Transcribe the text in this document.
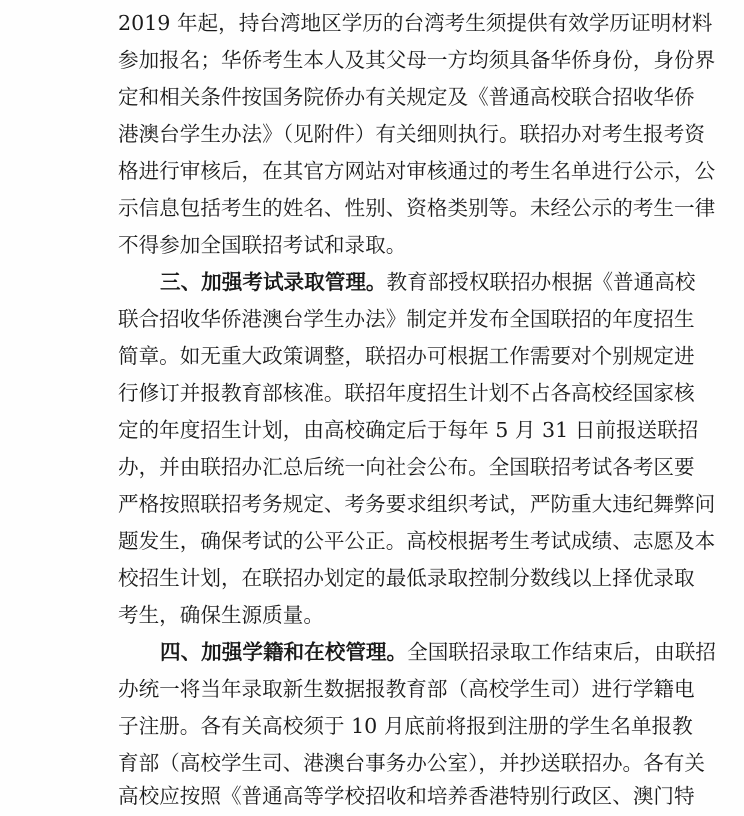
2019 年起，持台湾地区学历的台湾考生须提供有效学历证明材料
参加报名；华侨考生本人及其父母一方均须具备华侨身份，身份界
定和相关条件按国务院侨办有关规定及《普通高校联合招收华侨
港澳台学生办法》（见附件）有关细则执行。联招办对考生报考资
格进行审核后，在其官方网站对审核通过的考生名单进行公示，公
示信息包括考生的姓名、性别、资格类别等。未经公示的考生一律
不得参加全国联招考试和录取。
三、加强考试录取管理。教育部授权联招办根据《普通高校
联合招收华侨港澳台学生办法》制定并发布全国联招的年度招生
简章。如无重大政策调整，联招办可根据工作需要对个别规定进
行修订并报教育部核准。联招年度招生计划不占各高校经国家核
定的年度招生计划，由高校确定后于每年 5 月 31 日前报送联招
办，并由联招办汇总后统一向社会公布。全国联招考试各考区要
严格按照联招考务规定、考务要求组织考试，严防重大违纪舞弊问
题发生，确保考试的公平公正。高校根据考生考试成绩、志愿及本
校招生计划，在联招办划定的最低录取控制分数线以上择优录取
考生，确保生源质量。
四、加强学籍和在校管理。全国联招录取工作结束后，由联招
办统一将当年录取新生数据报教育部（高校学生司）进行学籍电
子注册。各有关高校须于 10 月底前将报到注册的学生名单报教
育部（高校学生司、港澳台事务办公室），并抄送联招办。各有关
高校应按照《普通高等学校招收和培养香港特别行政区、澳门特
